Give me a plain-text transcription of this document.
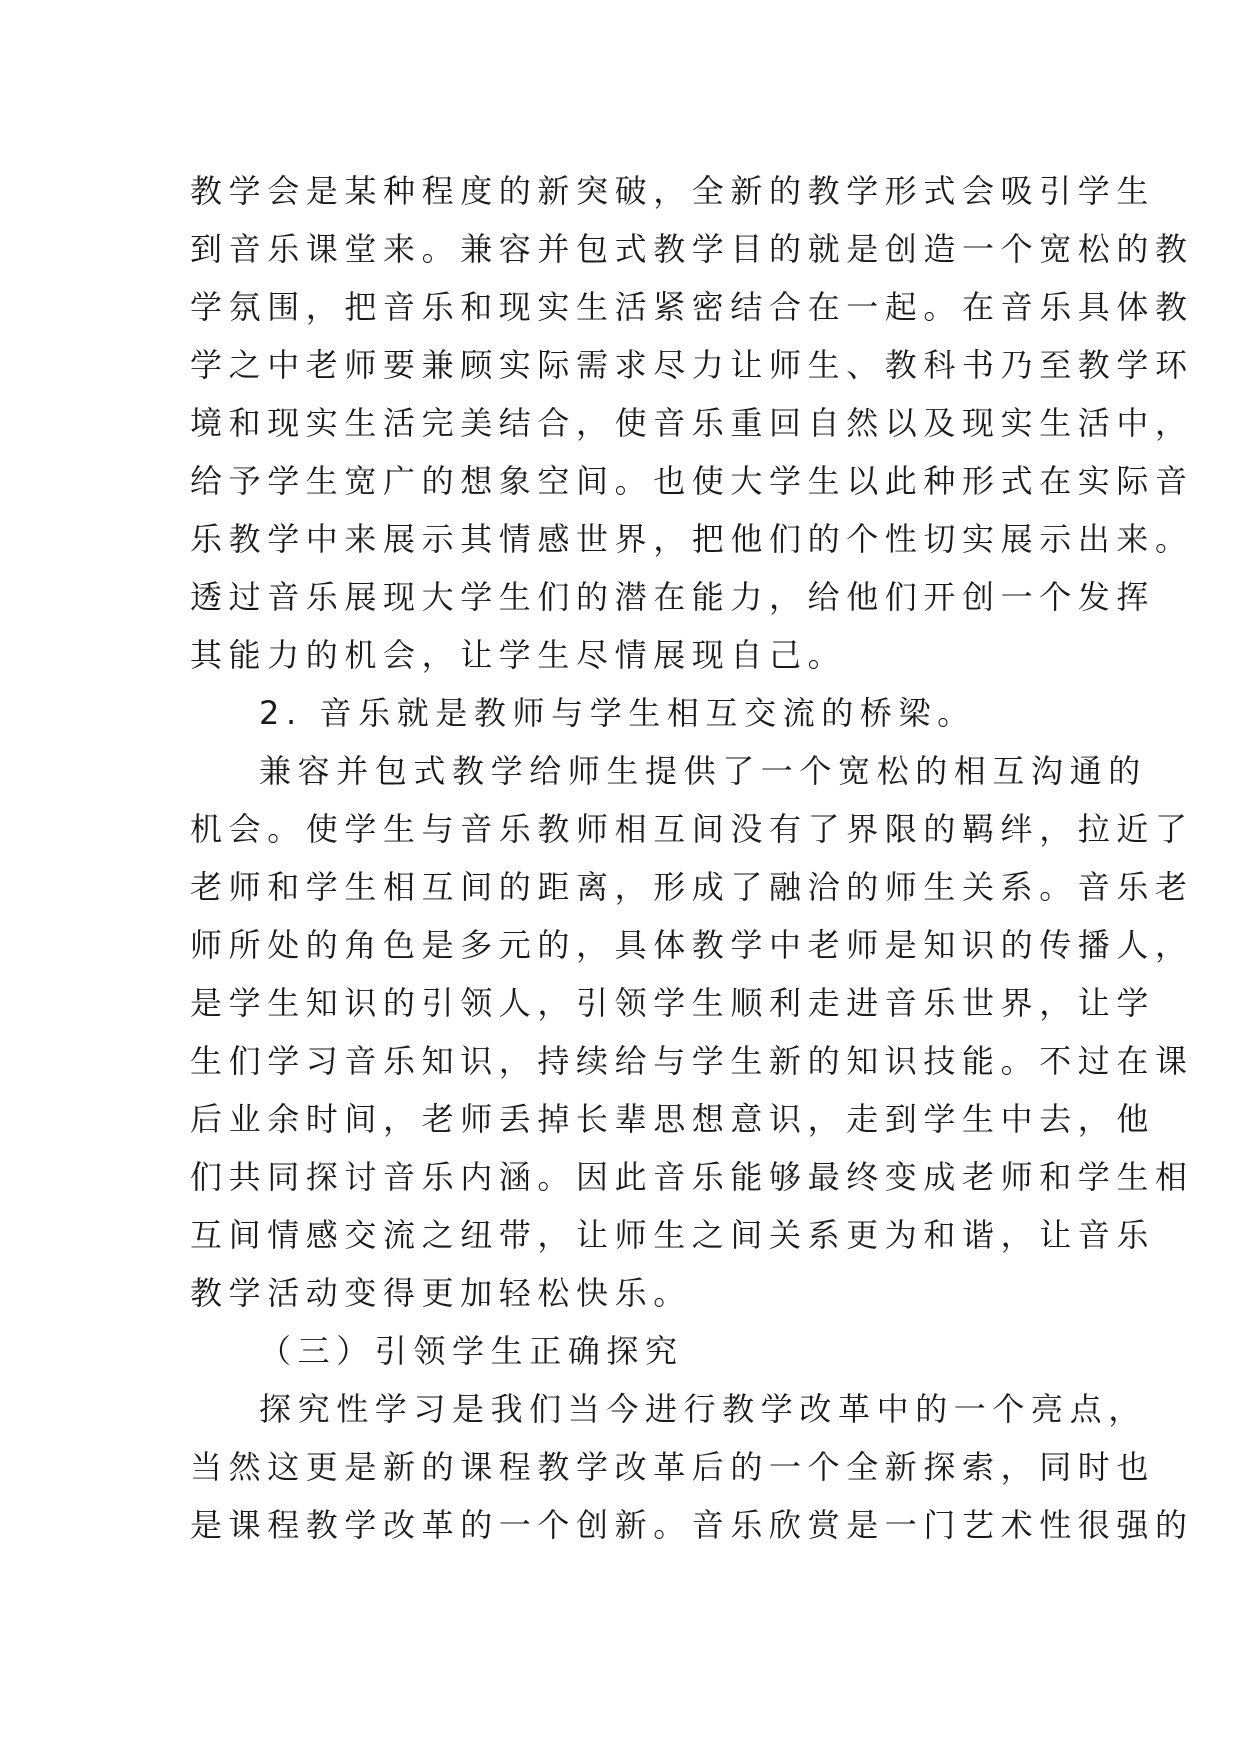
教学会是某种程度的新突破，全新的教学形式会吸引学生
到音乐课堂来。兼容并包式教学目的就是创造一个宽松的教
学氛围，把音乐和现实生活紧密结合在一起。在音乐具体教
学之中老师要兼顾实际需求尽力让师生、教科书乃至教学环
境和现实生活完美结合，使音乐重回自然以及现实生活中，
给予学生宽广的想象空间。也使大学生以此种形式在实际音
乐教学中来展示其情感世界，把他们的个性切实展示出来。
透过音乐展现大学生们的潜在能力，给他们开创一个发挥
其能力的机会，让学生尽情展现自己。
2. 音乐就是教师与学生相互交流的桥梁。
兼容并包式教学给师生提供了一个宽松的相互沟通的
机会。使学生与音乐教师相互间没有了界限的羁绊，拉近了
老师和学生相互间的距离，形成了融洽的师生关系。音乐老
师所处的角色是多元的，具体教学中老师是知识的传播人，
是学生知识的引领人，引领学生顺利走进音乐世界，让学
生们学习音乐知识，持续给与学生新的知识技能。不过在课
后业余时间，老师丢掉长辈思想意识，走到学生中去，他
们共同探讨音乐内涵。因此音乐能够最终变成老师和学生相
互间情感交流之纽带，让师生之间关系更为和谐，让音乐
教学活动变得更加轻松快乐。
（三）引领学生正确探究
探究性学习是我们当今进行教学改革中的一个亮点，
当然这更是新的课程教学改革后的一个全新探索，同时也
是课程教学改革的一个创新。音乐欣赏是一门艺术性很强的
